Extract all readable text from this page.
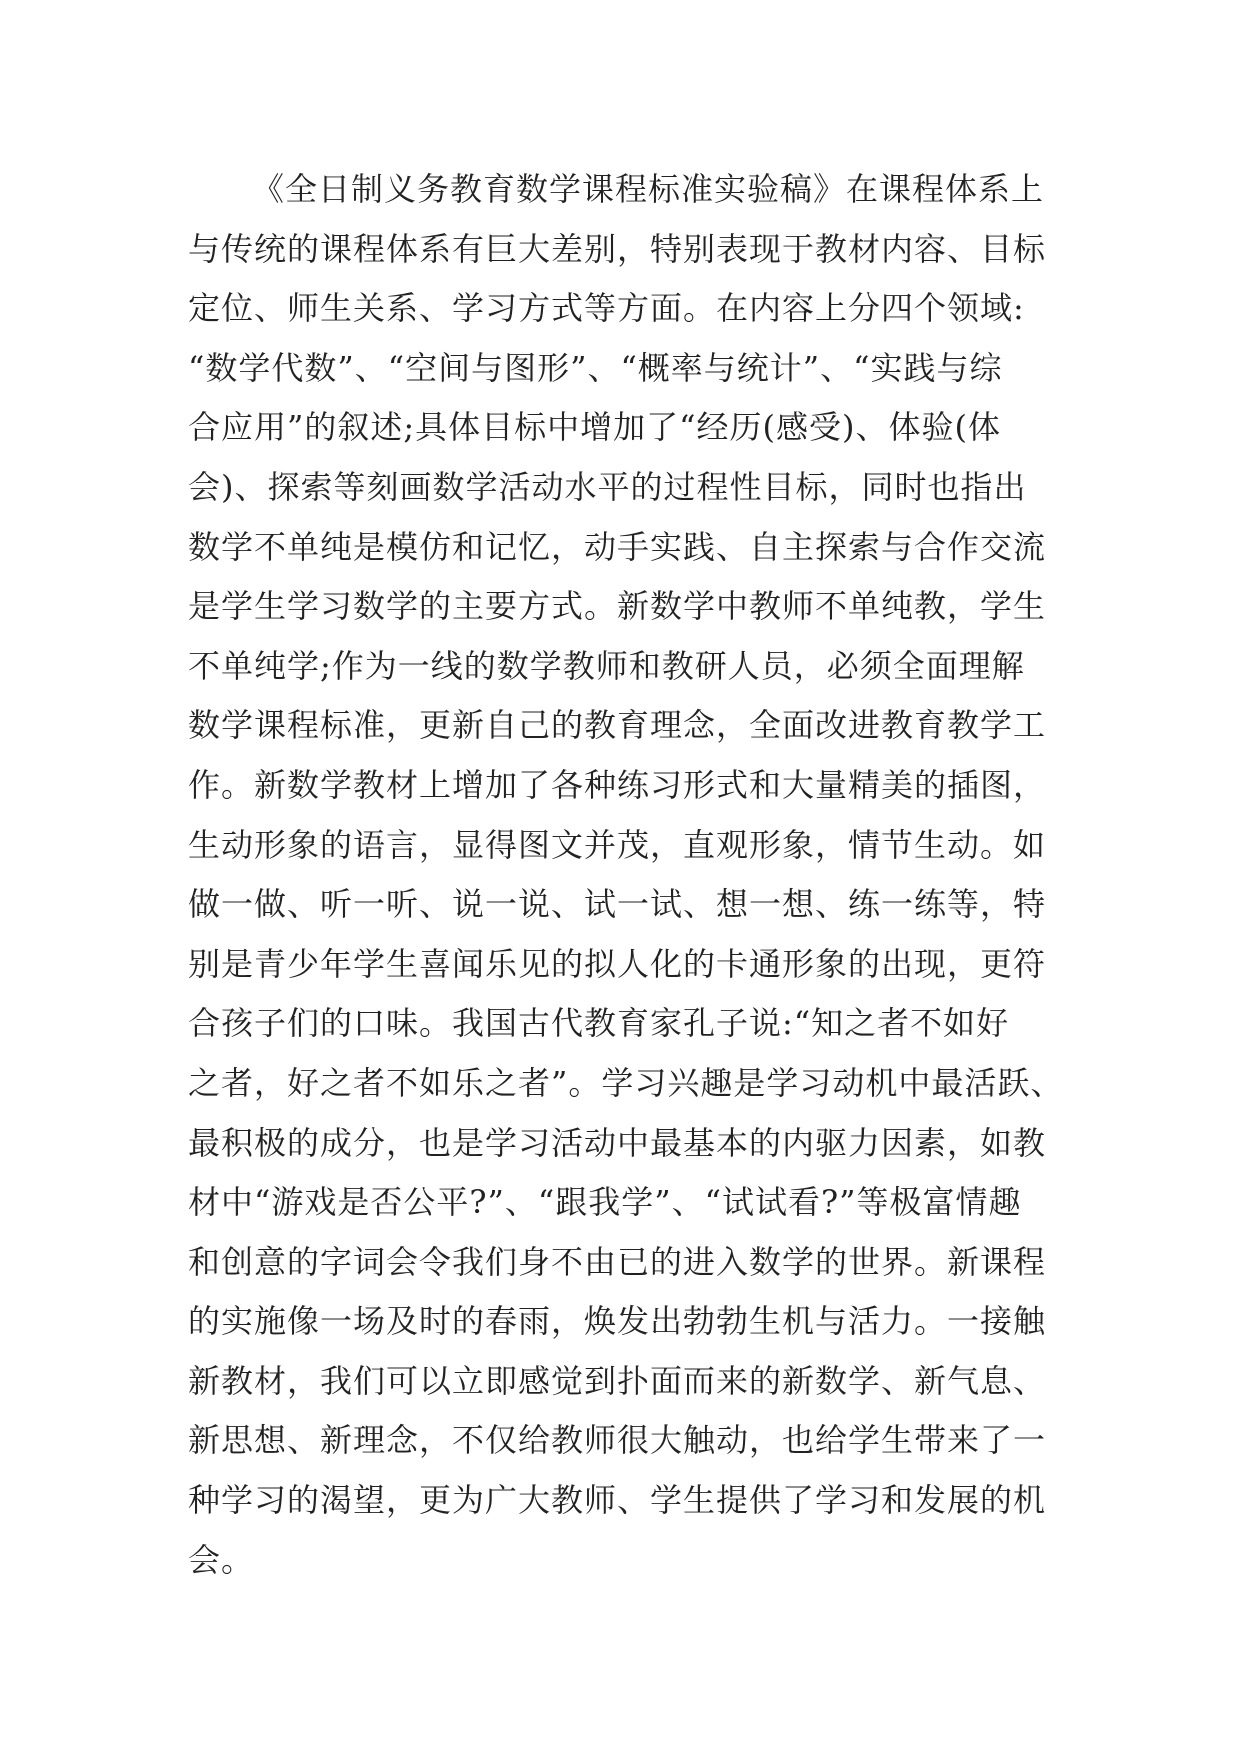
《全日制义务教育数学课程标准实验稿》在课程体系上
与传统的课程体系有巨大差别，特别表现于教材内容、目标
定位、师生关系、学习方式等方面。在内容上分四个领域:
“数学代数”、“空间与图形”、“概率与统计”、“实践与综
合应用”的叙述;具体目标中增加了“经历(感受)、体验(体
会)、探索等刻画数学活动水平的过程性目标，同时也指出
数学不单纯是模仿和记忆，动手实践、自主探索与合作交流
是学生学习数学的主要方式。新数学中教师不单纯教，学生
不单纯学;作为一线的数学教师和教研人员，必须全面理解
数学课程标准，更新自己的教育理念，全面改进教育教学工
作。新数学教材上增加了各种练习形式和大量精美的插图，
生动形象的语言，显得图文并茂，直观形象，情节生动。如
做一做、听一听、说一说、试一试、想一想、练一练等，特
别是青少年学生喜闻乐见的拟人化的卡通形象的出现，更符
合孩子们的口味。我国古代教育家孔子说:“知之者不如好
之者，好之者不如乐之者”。学习兴趣是学习动机中最活跃、
最积极的成分，也是学习活动中最基本的内驱力因素，如教
材中“游戏是否公平?”、“跟我学”、“试试看?”等极富情趣
和创意的字词会令我们身不由已的进入数学的世界。新课程
的实施像一场及时的春雨，焕发出勃勃生机与活力。一接触
新教材，我们可以立即感觉到扑面而来的新数学、新气息、
新思想、新理念，不仅给教师很大触动，也给学生带来了一
种学习的渴望，更为广大教师、学生提供了学习和发展的机
会。
